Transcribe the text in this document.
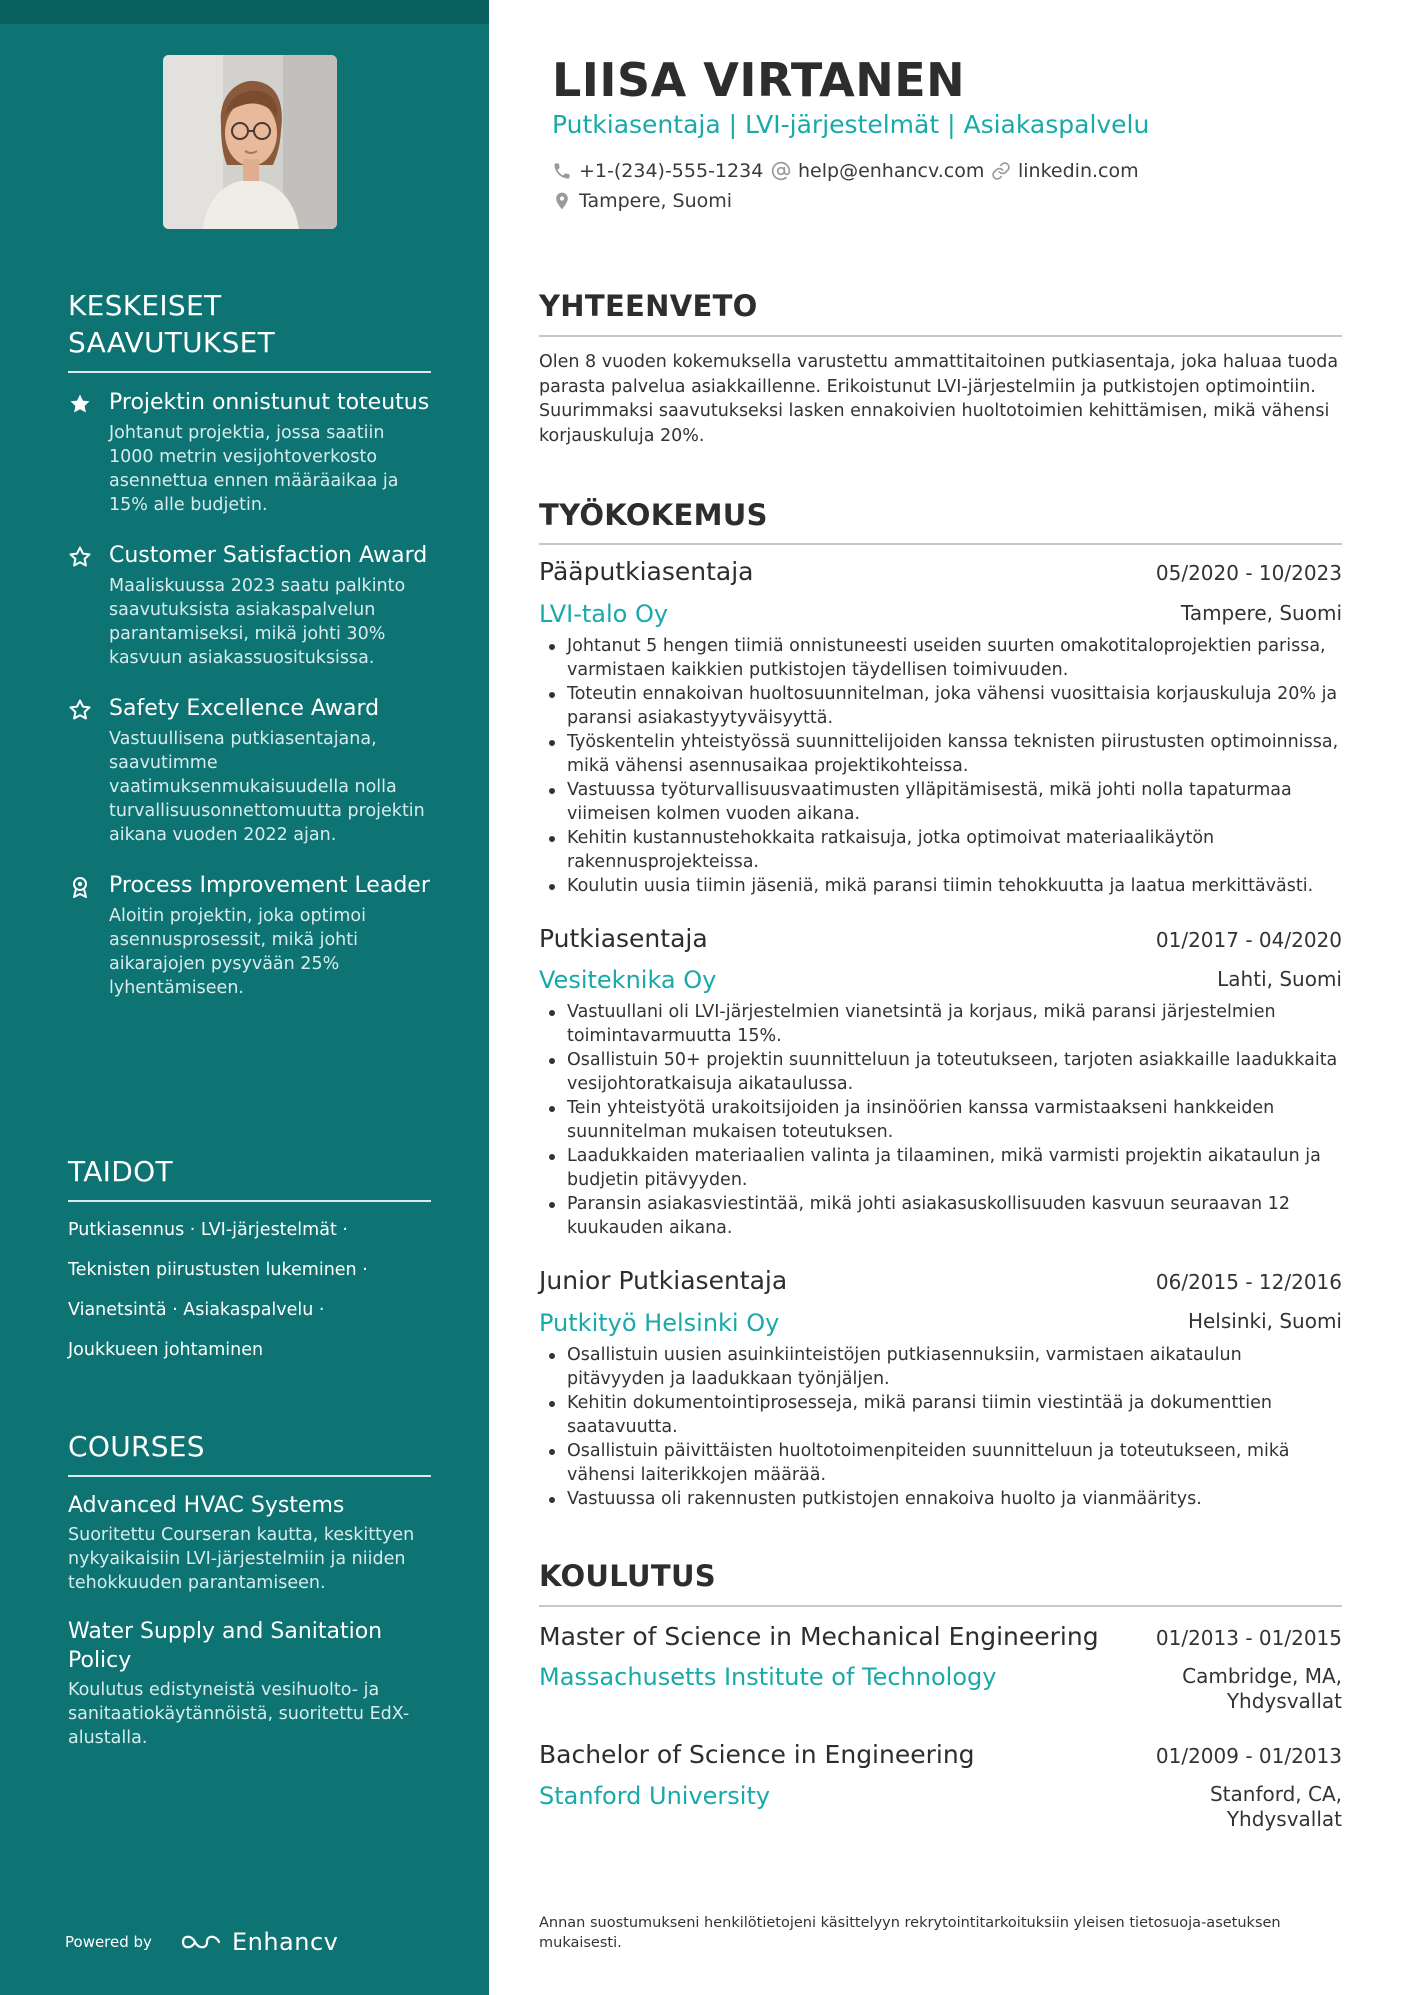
KESKEISET
SAAVUTUKSET
Projektin onnistunut toteutus
Johtanut projektia, jossa saatiin 1000 metrin vesijohtoverkosto asennettua ennen määräaikaa ja 15% alle budjetin.
Customer Satisfaction Award
Maaliskuussa 2023 saatu palkinto saavutuksista asiakaspalvelun parantamiseksi, mikä johti 30% kasvuun asiakassuosituksissa.
Safety Excellence Award
Vastuullisena putkiasentajana, saavutimme vaatimuksenmukaisuudella nolla turvallisuusonnettomuutta projektin aikana vuoden 2022 ajan.
Process Improvement Leader
Aloitin projektin, joka optimoi asennusprosessit, mikä johti aikarajojen pysyvään 25% lyhentämiseen.
TAIDOT
Putkiasennus · LVI-järjestelmät ·
Teknisten piirustusten lukeminen ·
Vianetsintä · Asiakaspalvelu ·
Joukkueen johtaminen
COURSES
Advanced HVAC Systems
Suoritettu Courseran kautta, keskittyen nykyaikaisiin LVI-järjestelmiin ja niiden tehokkuuden parantamiseen.
Water Supply and Sanitation Policy
Koulutus edistyneistä vesihuolto- ja sanitaatiokäytännöistä, suoritettu EdX-alustalla.
Powered by	Enhancv
LIISA VIRTANEN
Putkiasentaja | LVI-järjestelmät | Asiakaspalvelu
+1-(234)-555-1234 help@enhancv.com linkedin.com
Tampere, Suomi
YHTEENVETO

Olen 8 vuoden kokemuksella varustettu ammattitaitoinen putkiasentaja, joka haluaa tuoda parasta palvelua asiakkaillenne. Erikoistunut LVI-järjestelmiin ja putkistojen optimointiin. Suurimmaksi saavutukseksi lasken ennakoivien huoltotoimien kehittämisen, mikä vähensi korjauskuluja 20%.

TYÖKOKEMUS
Pääputkiasentaja	05/2020 - 10/2023
LVI-talo Oy	Tampere, Suomi
Johtanut 5 hengen tiimiä onnistuneesti useiden suurten omakotitaloprojektien parissa, varmistaen kaikkien putkistojen täydellisen toimivuuden.
Toteutin ennakoivan huoltosuunnitelman, joka vähensi vuosittaisia korjauskuluja 20% ja paransi asiakastyytyväisyyttä.
Työskentelin yhteistyössä suunnittelijoiden kanssa teknisten piirustusten optimoinnissa, mikä vähensi asennusaikaa projektikohteissa.
Vastuussa työturvallisuusvaatimusten ylläpitämisestä, mikä johti nolla tapaturmaa viimeisen kolmen vuoden aikana.
Kehitin kustannustehokkaita ratkaisuja, jotka optimoivat materiaalikäytön rakennusprojekteissa.
Koulutin uusia tiimin jäseniä, mikä paransi tiimin tehokkuutta ja laatua merkittävästi.
Putkiasentaja	01/2017 - 04/2020
Vesiteknika Oy	Lahti, Suomi
Vastuullani oli LVI-järjestelmien vianetsintä ja korjaus, mikä paransi järjestelmien toimintavarmuutta 15%.
Osallistuin 50+ projektin suunnitteluun ja toteutukseen, tarjoten asiakkaille laadukkaita vesijohtoratkaisuja aikataulussa.
Tein yhteistyötä urakoitsijoiden ja insinöörien kanssa varmistaakseni hankkeiden suunnitelman mukaisen toteutuksen.
Laadukkaiden materiaalien valinta ja tilaaminen, mikä varmisti projektin aikataulun ja budjetin pitävyyden.
Paransin asiakasviestintää, mikä johti asiakasuskollisuuden kasvuun seuraavan 12 kuukauden aikana.
Junior Putkiasentaja	06/2015 - 12/2016
Putkityö Helsinki Oy	Helsinki, Suomi
Osallistuin uusien asuinkiinteistöjen putkiasennuksiin, varmistaen aikataulun pitävyyden ja laadukkaan työnjäljen.
Kehitin dokumentointiprosesseja, mikä paransi tiimin viestintää ja dokumenttien saatavuutta.
Osallistuin päivittäisten huoltotoimenpiteiden suunnitteluun ja toteutukseen, mikä vähensi laiterikkojen määrää.
Vastuussa oli rakennusten putkistojen ennakoiva huolto ja vianmääritys.
KOULUTUS
Master of Science in Mechanical Engineering	01/2013 - 01/2015
Massachusetts Institute of Technology	Cambridge, MA,
Yhdysvallat
Bachelor of Science in Engineering	01/2009 - 01/2013
Stanford University	Stanford, CA,
Yhdysvallat

Annan suostumukseni henkilötietojeni käsittelyyn rekrytointitarkoituksiin yleisen tietosuoja-asetuksen mukaisesti.
